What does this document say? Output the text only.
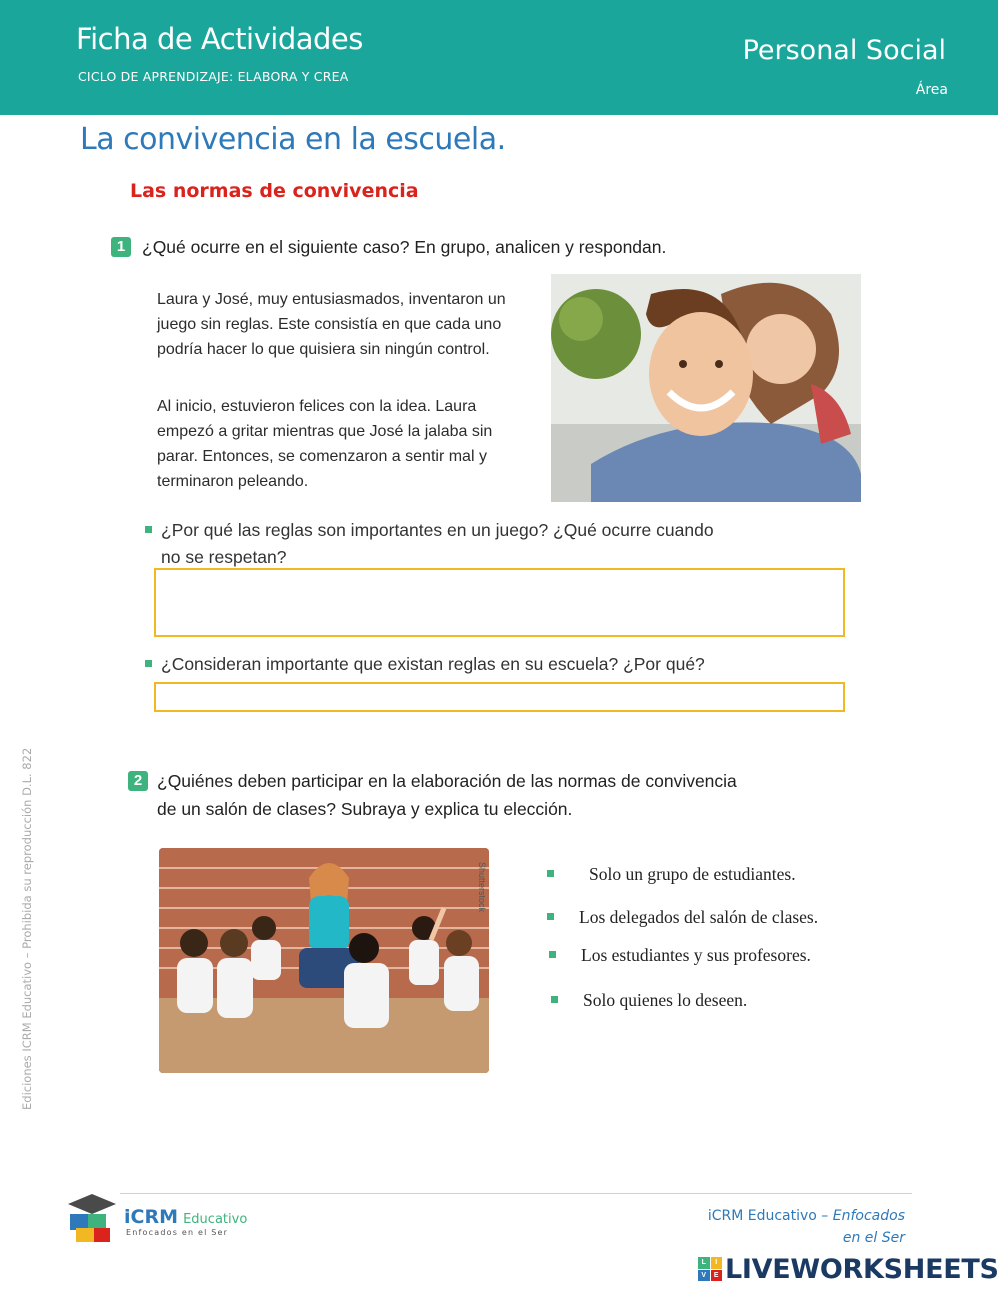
Ficha de Actividades
CICLO DE APRENDIZAJE: ELABORA Y CREA
Personal Social
Área
La convivencia en la escuela.
Las normas de convivencia
1 ¿Qué ocurre en el siguiente caso? En grupo, analicen y respondan.
Laura y José, muy entusiasmados, inventaron un juego sin reglas. Este consistía en que cada uno podría hacer lo que quisiera sin ningún control.
Al inicio, estuvieron felices con la idea. Laura empezó a gritar mientras que José la jalaba sin parar. Entonces, se comenzaron a sentir mal y terminaron peleando.
¿Por qué las reglas son importantes en un juego? ¿Qué ocurre cuando
no se respetan?
¿Consideran importante que existan reglas en su escuela? ¿Por qué?
2 ¿Quiénes deben participar en la elaboración de las normas de convivencia
de un salón de clases? Subraya y explica tu elección.
Shutterstock	Solo un grupo de estudiantes.
Los delegados del salón de clases.
Los estudiantes y sus profesores.
Solo quienes lo deseen.
Ediciones ICRM Educativo – Prohibida su reproducción D.L. 822
iCRM Educativo
Enfocados en el Ser
iCRM Educativo – Enfocados
en el Ser
L	I
V	E LIVEWORKSHEETS
